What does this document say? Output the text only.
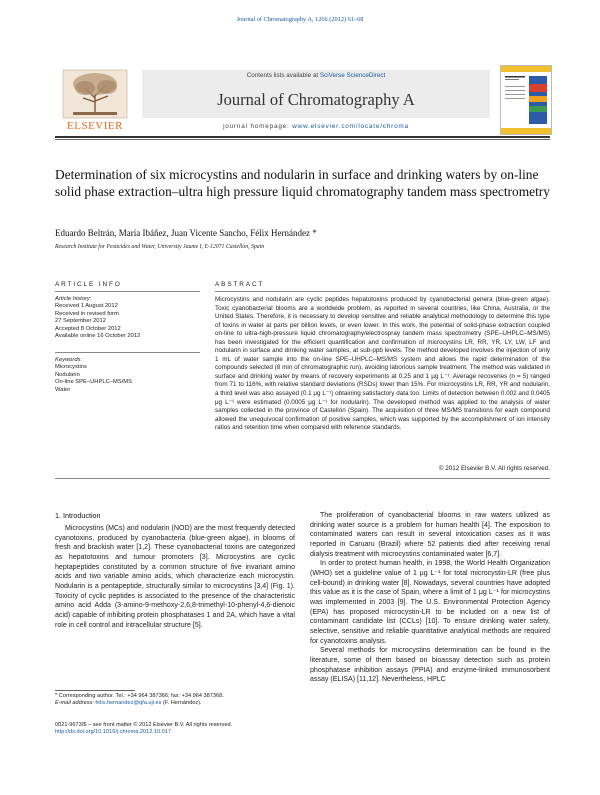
Journal of Chromatography A, 1266 (2012) 61–68
ELSEVIER
Contents lists available at SciVerse ScienceDirect
Journal of Chromatography A
journal homepage: www.elsevier.com/locate/chroma
Determination of six microcystins and nodularin in surface and drinking waters by on-line solid phase extraction–ultra high pressure liquid chromatography tandem mass spectrometry
Eduardo Beltrán, María Ibáñez, Juan Vicente Sancho, Félix Hernández *
Research Institute for Pesticides and Water, University Jaume I, E-12071 Castellón, Spain
ARTICLE INFO
Article history:
Received 1 August 2012
Received in revised form
27 September 2012
Accepted 8 October 2012
Available online 16 October 2012
Keywords:
Microcystins
Nodularin
On-line SPE–UHPLC–MS/MS
Water
ABSTRACT
Microcystins and nodularin are cyclic peptides hepatotoxins produced by cyanobacterial genera (blue-green algae). Toxic cyanobacterial blooms are a worldwide problem, as reported in several countries, like China, Australia, or the United States. Therefore, it is necessary to develop sensitive and reliable analytical methodology to determine this type of toxins in water at parts per billion levels, or even lower. In this work, the potential of solid-phase extraction coupled on-line to ultra-high-pressure liquid chromatography/electrospray tandem mass spectrometry (SPE–UHPLC–MS/MS) has been investigated for the efficient quantification and confirmation of microcystins LR, RR, YR, LY, LW, LF and nodularin in surface and drinking water samples, at sub-ppb levels. The method developed involves the injection of only 1 mL of water sample into the on-line SPE–UHPLC–MS/MS system and allows the rapid determination of the compounds selected (8 min of chromatographic run), avoiding laborious sample treatment. The method was validated in surface and drinking water by means of recovery experiments at 0.25 and 1 μg L⁻¹. Average recoveries (n = 5) ranged from 71 to 116%, with relative standard deviations (RSDs) lower than 15%. For microcystins LR, RR, YR and nodularin, a third level was also assayed (0.1 μg L⁻¹) obtaining satisfactory data too. Limits of detection between 0.002 and 0.0405 μg L⁻¹ were estimated (0.0005 μg L⁻¹ for nodularin). The developed method was applied to the analysis of water samples collected in the province of Castellón (Spain). The acquisition of three MS/MS transitions for each compound allowed the unequivocal confirmation of positive samples, which was supported by the accomplishment of ion intensity ratios and retention time when compared with reference standards.
© 2012 Elsevier B.V. All rights reserved.
1. Introduction

Microcystins (MCs) and nodularin (NOD) are the most frequently detected cyanotoxins, produced by cyanobacteria (blue-green algae), in blooms of fresh and brackish water [1,2]. These cyanobacterial toxins are categorized as hepatotoxins and tumour promoters [3]. Microcystins are cyclic heptapeptides constituted by a common structure of five invariant amino acids and two variable amino acids, which characterize each microcystin. Nodularin is a pentapeptide, structurally similar to microcystins [3,4] (Fig. 1). Toxicity of cyclic peptides is associated to the presence of the characteristic amino acid Adda (3-amino-9-methoxy-2,6,8-trimethyl-10-phenyl-4,6-dienoic acid) capable of inhibiting protein phosphatases 1 and 2A, which have a vital role in cell control and intracellular structure [5].

The proliferation of cyanobacterial blooms in raw waters utilized as drinking water source is a problem for human health [4]. The exposition to contaminated waters can result in several intoxication cases as it was reported in Caruaru (Brazil) where 52 patients died after receiving renal dialysis treatment with microcystins contaminated water [6,7].

In order to protect human health, in 1998, the World Health Organization (WHO) set a guideline value of 1 μg L⁻¹ for total microcystin-LR (free plus cell-bound) in drinking water [8]. Nowadays, several countries have adopted this value as it is the case of Spain, where a limit of 1 μg L⁻¹ for microcystins was implemented in 2003 [9]. The U.S. Environmental Protection Agency (EPA) has proposed microcystin-LR to be included on a new list of contaminant candidate list (CCLs) [10]. To ensure drinking water safety, selective, sensitive and reliable quantitative analytical methods are required for cyanotoxins analysis.

Several methods for microcystins determination can be found in the literature, some of them based on bioassay detection such as protein phosphatase inhibition assays (PPIA) and enzyme-linked immunosorbent assay (ELISA) [11,12]. Nevertheless, HPLC

* Corresponding author. Tel.: +34 964 387366; fax: +34 964 387368.
E-mail address: felix.hernandez@qfa.uji.es (F. Hernández).
0021-9673/$ – see front matter © 2012 Elsevier B.V. All rights reserved.
http://dx.doi.org/10.1016/j.chroma.2012.10.017
